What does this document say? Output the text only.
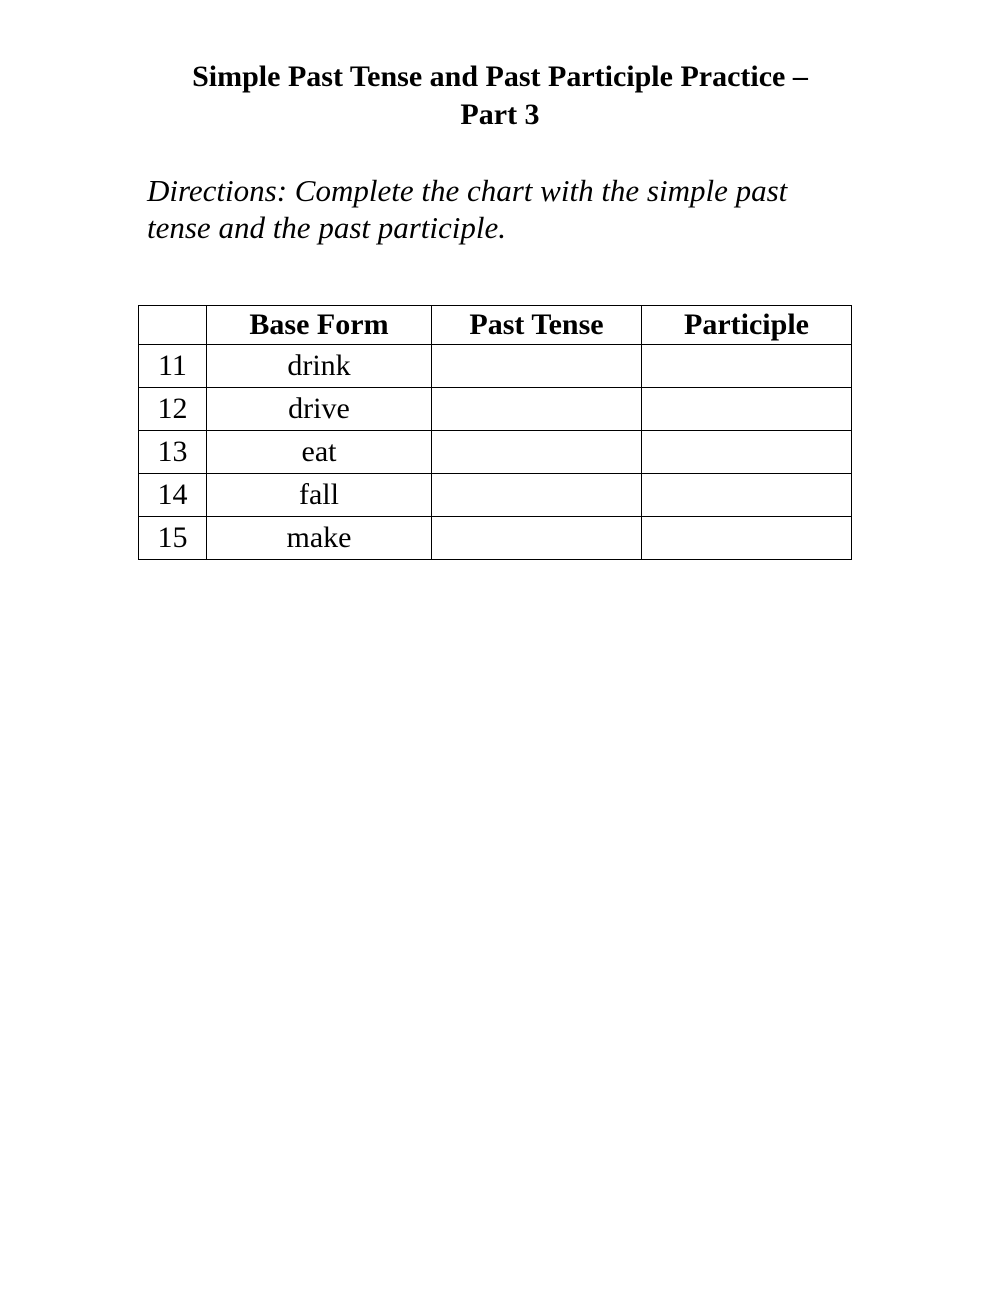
Simple Past Tense and Past Participle Practice –
Part 3
Directions: Complete the chart with the simple past
tense and the past participle.
	Base Form	Past Tense	Participle
11	drink		
12	drive		
13	eat		
14	fall		
15	make		
